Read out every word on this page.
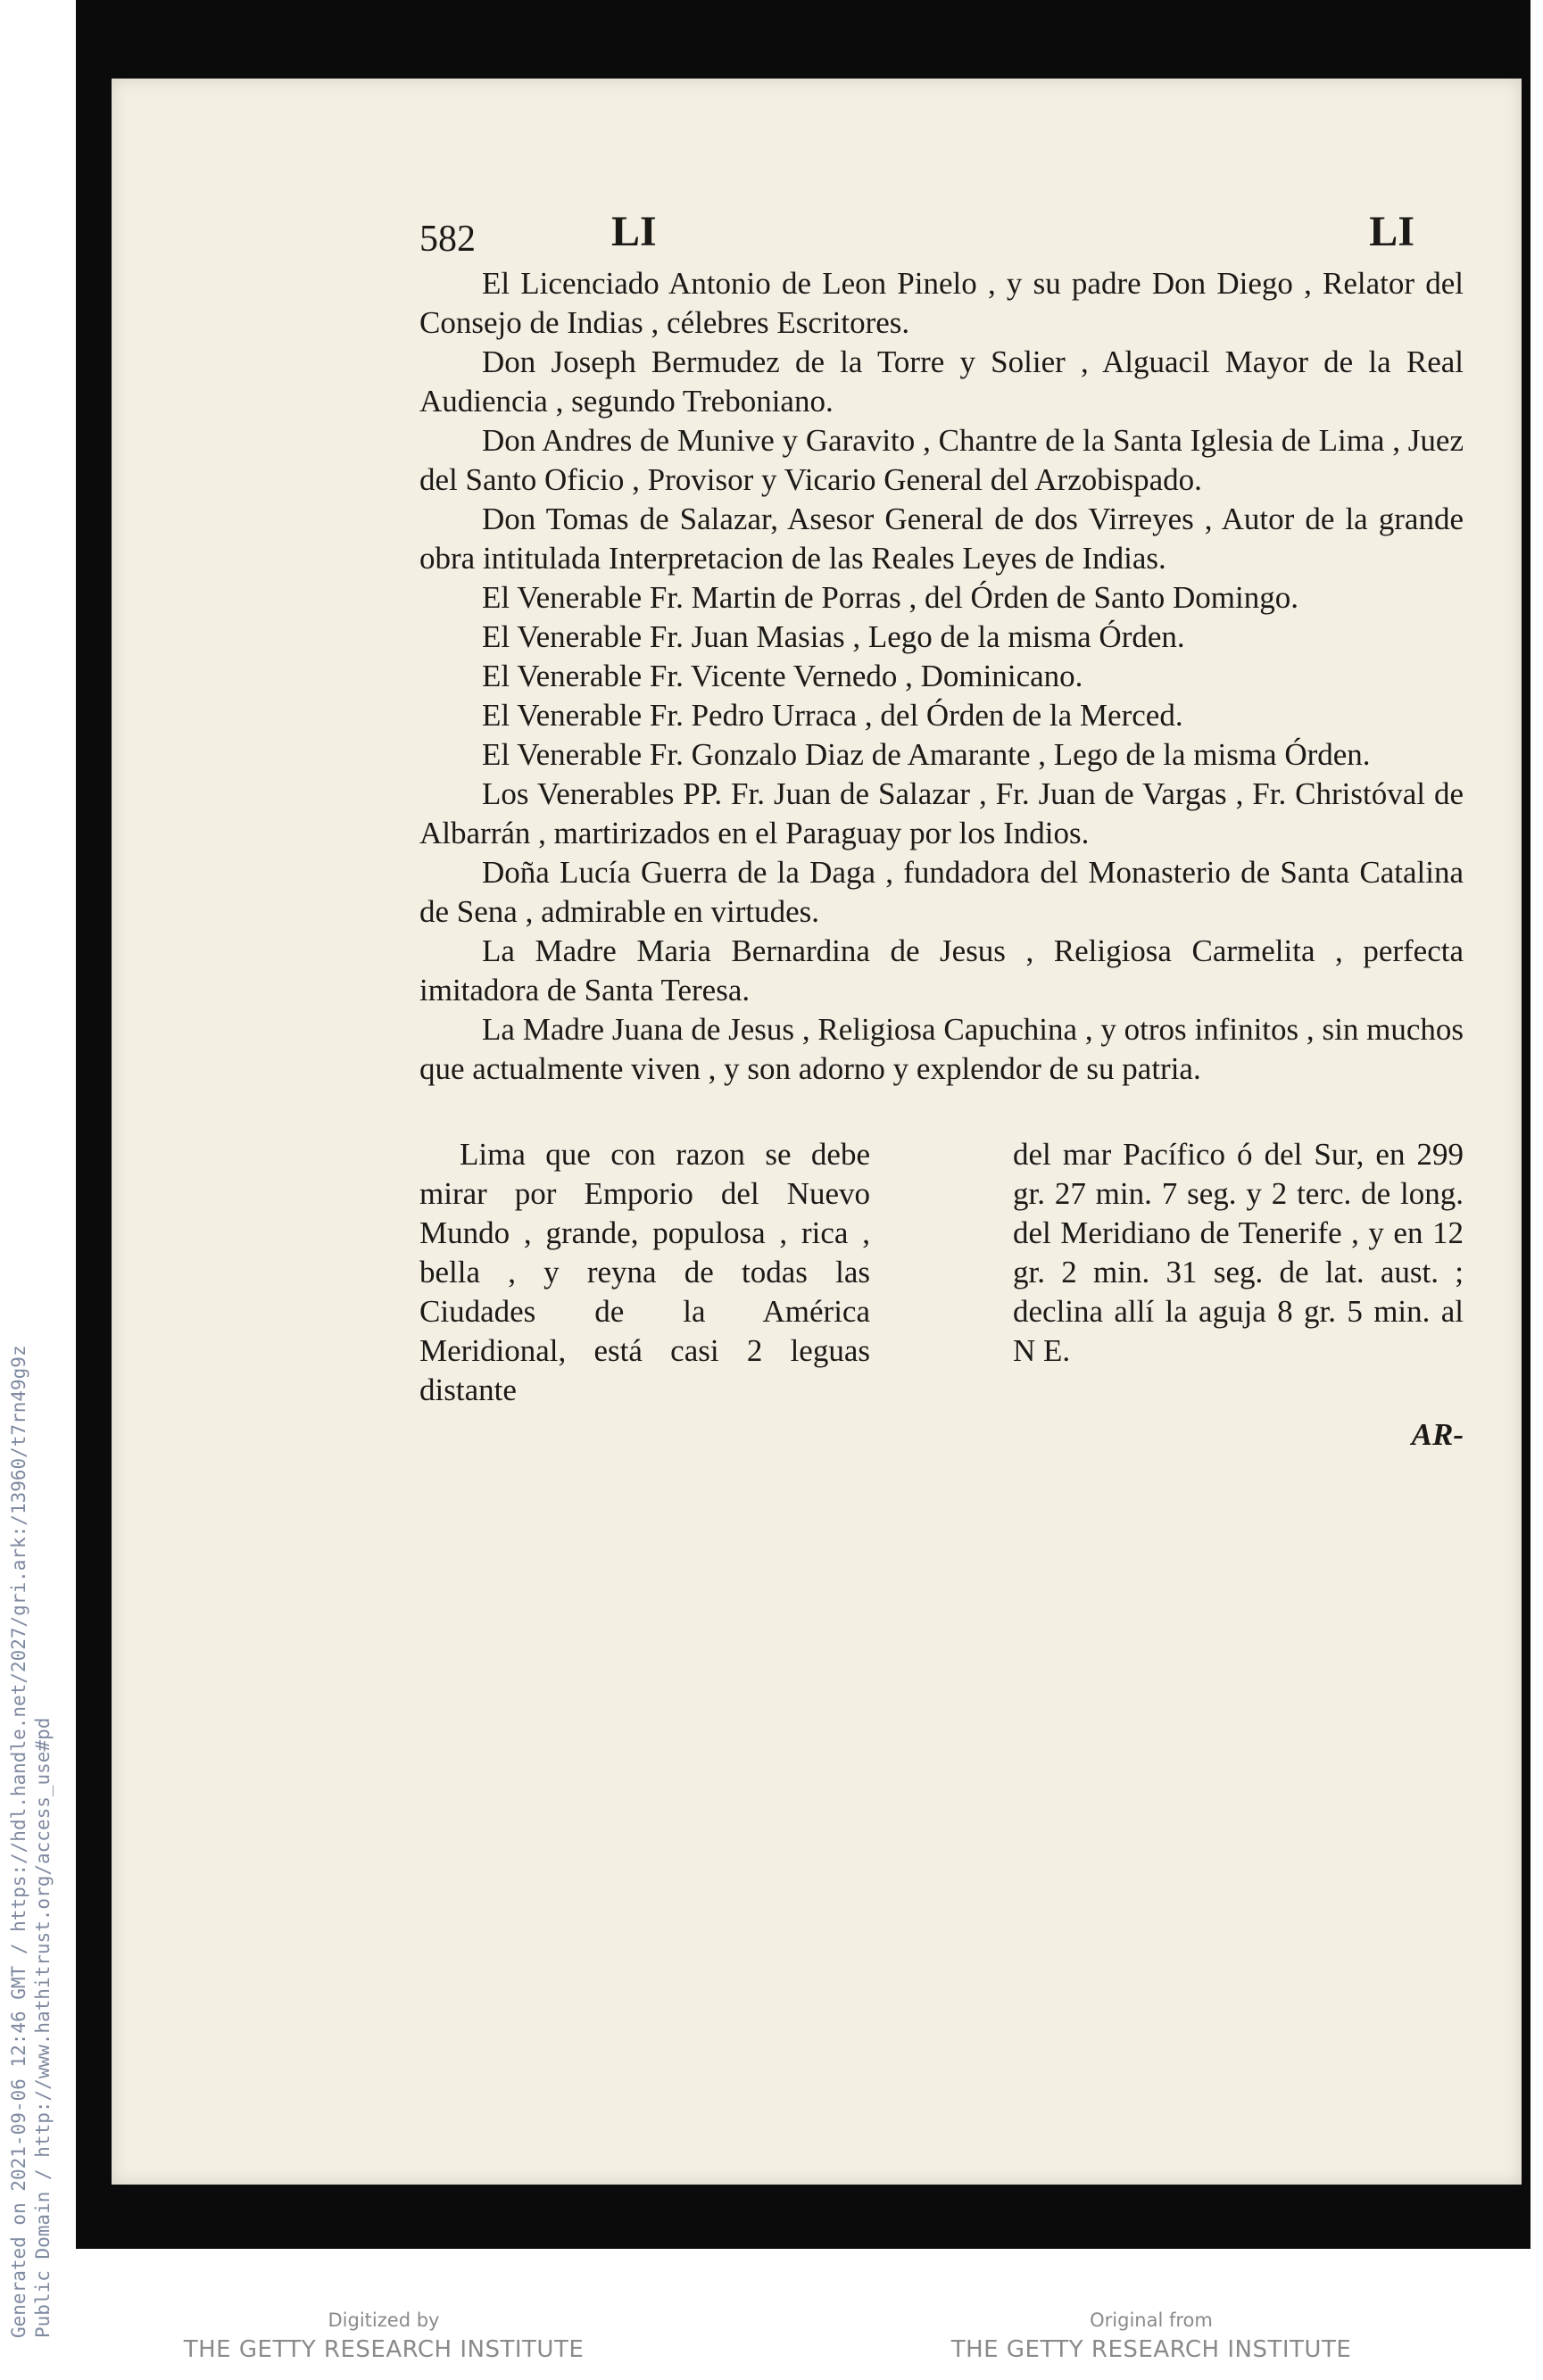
582	LI	LI

El Licenciado Antonio de Leon Pinelo , y su padre Don Diego , Relator del Consejo de Indias , célebres Escritores.

Don Joseph Bermudez de la Torre y Solier , Alguacil Mayor de la Real Audiencia , segundo Treboniano.

Don Andres de Munive y Garavito , Chantre de la Santa Iglesia de Lima , Juez del Santo Oficio , Provisor y Vicario General del Arzobispado.

Don Tomas de Salazar, Asesor General de dos Virreyes , Autor de la grande obra intitulada Interpretacion de las Reales Leyes de Indias.

El Venerable Fr. Martin de Porras , del Órden de Santo Domingo.

El Venerable Fr. Juan Masias , Lego de la misma Órden.

El Venerable Fr. Vicente Vernedo , Dominicano.

El Venerable Fr. Pedro Urraca , del Órden de la Merced.

El Venerable Fr. Gonzalo Diaz de Amarante , Lego de la misma Órden.

Los Venerables PP. Fr. Juan de Salazar , Fr. Juan de Vargas , Fr. Christóval de Albarrán , martirizados en el Paraguay por los Indios.

Doña Lucía Guerra de la Daga , fundadora del Monasterio de Santa Catalina de Sena , admirable en virtudes.

La Madre Maria Bernardina de Jesus , Religiosa Carmelita , perfecta imitadora de Santa Teresa.

La Madre Juana de Jesus , Religiosa Capuchina , y otros infinitos , sin muchos que actualmente viven , y son adorno y explendor de su patria.

Lima que con razon se debe mirar por Emporio del Nuevo Mundo , grande, populosa , rica , bella , y reyna de todas las Ciudades de la América Meridional, está casi 2 leguas distante

del mar Pacífico ó del Sur, en 299 gr. 27 min. 7 seg. y 2 terc. de long. del Meridiano de Tenerife , y en 12 gr. 2 min. 31 seg. de lat. aust. ; declina allí la aguja 8 gr. 5 min. al N E.

AR-
Generated on 2021-09-06 12:46 GMT / https://hdl.handle.net/2027/gri.ark:/13960/t7rn49g9z Public Domain / http://www.hathitrust.org/access_use#pd	Digitized by
THE GETTY RESEARCH INSTITUTE
Original from
THE GETTY RESEARCH INSTITUTE
